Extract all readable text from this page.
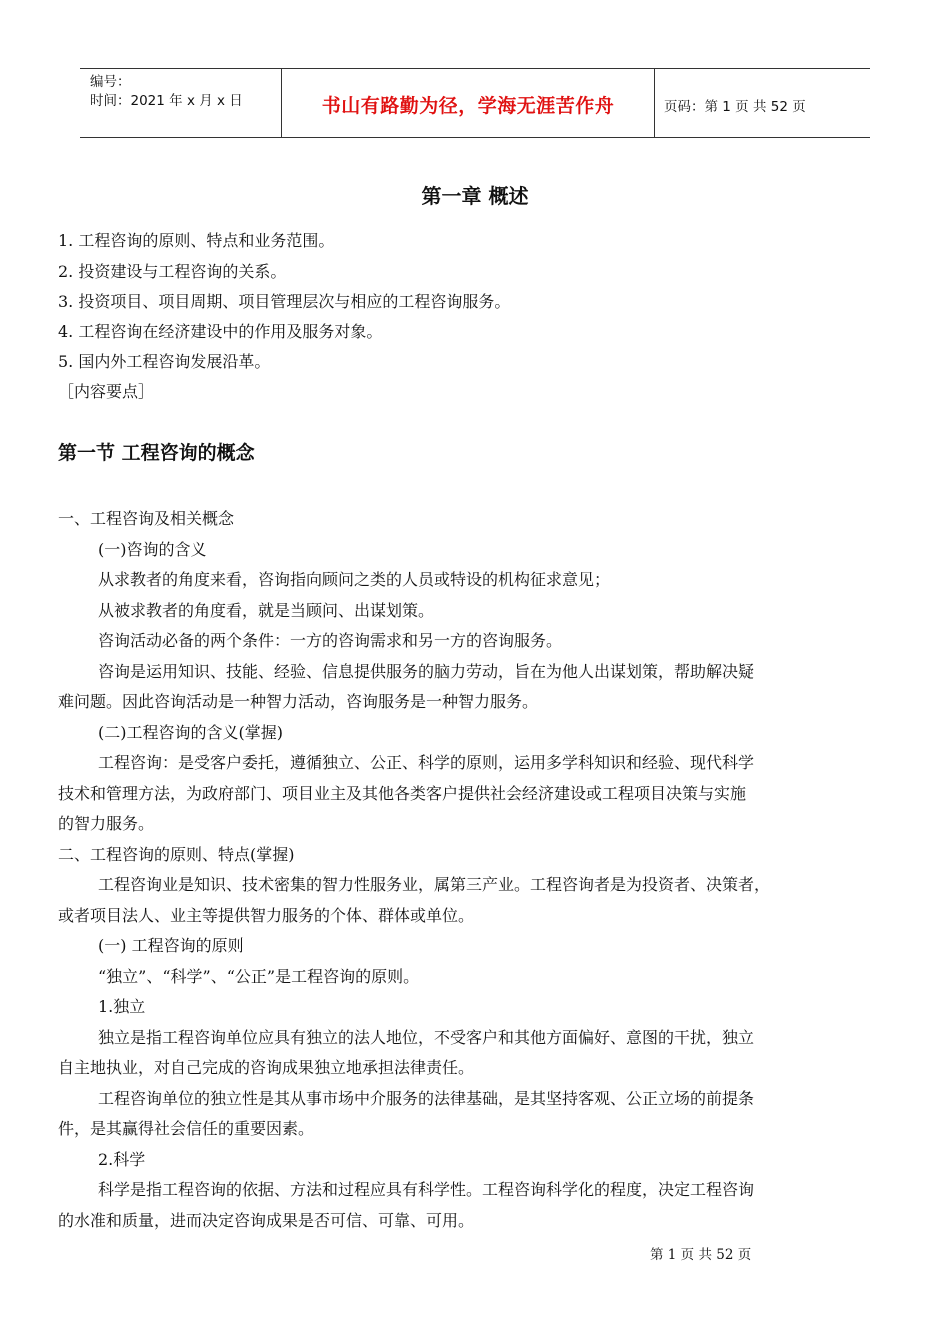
编号：
时间：2021 年 x 月 x 日	书山有路勤为径，学海无涯苦作舟	页码：第 1 页 共 52 页
第一章 概述
1. 工程咨询的原则、特点和业务范围。
2. 投资建设与工程咨询的关系。
3. 投资项目、项目周期、项目管理层次与相应的工程咨询服务。
4. 工程咨询在经济建设中的作用及服务对象。
5. 国内外工程咨询发展沿革。
［内容要点］
第一节 工程咨询的概念
一、工程咨询及相关概念
(一)咨询的含义
从求教者的角度来看，咨询指向顾问之类的人员或特设的机构征求意见；
从被求教者的角度看，就是当顾问、出谋划策。
咨询活动必备的两个条件：一方的咨询需求和另一方的咨询服务。
咨询是运用知识、技能、经验、信息提供服务的脑力劳动，旨在为他人出谋划策，帮助解决疑
难问题。因此咨询活动是一种智力活动，咨询服务是一种智力服务。
(二)工程咨询的含义(掌握)
工程咨询：是受客户委托，遵循独立、公正、科学的原则，运用多学科知识和经验、现代科学
技术和管理方法，为政府部门、项目业主及其他各类客户提供社会经济建设或工程项目决策与实施
的智力服务。
二、工程咨询的原则、特点(掌握)
工程咨询业是知识、技术密集的智力性服务业，属第三产业。工程咨询者是为投资者、决策者，
或者项目法人、业主等提供智力服务的个体、群体或单位。
(一) 工程咨询的原则
“独立”、“科学”、“公正”是工程咨询的原则。
1.独立
独立是指工程咨询单位应具有独立的法人地位，不受客户和其他方面偏好、意图的干扰，独立
自主地执业，对自己完成的咨询成果独立地承担法律责任。
工程咨询单位的独立性是其从事市场中介服务的法律基础，是其坚持客观、公正立场的前提条
件，是其赢得社会信任的重要因素。
2.科学
科学是指工程咨询的依据、方法和过程应具有科学性。工程咨询科学化的程度，决定工程咨询
的水准和质量，进而决定咨询成果是否可信、可靠、可用。
第 1 页 共 52 页
